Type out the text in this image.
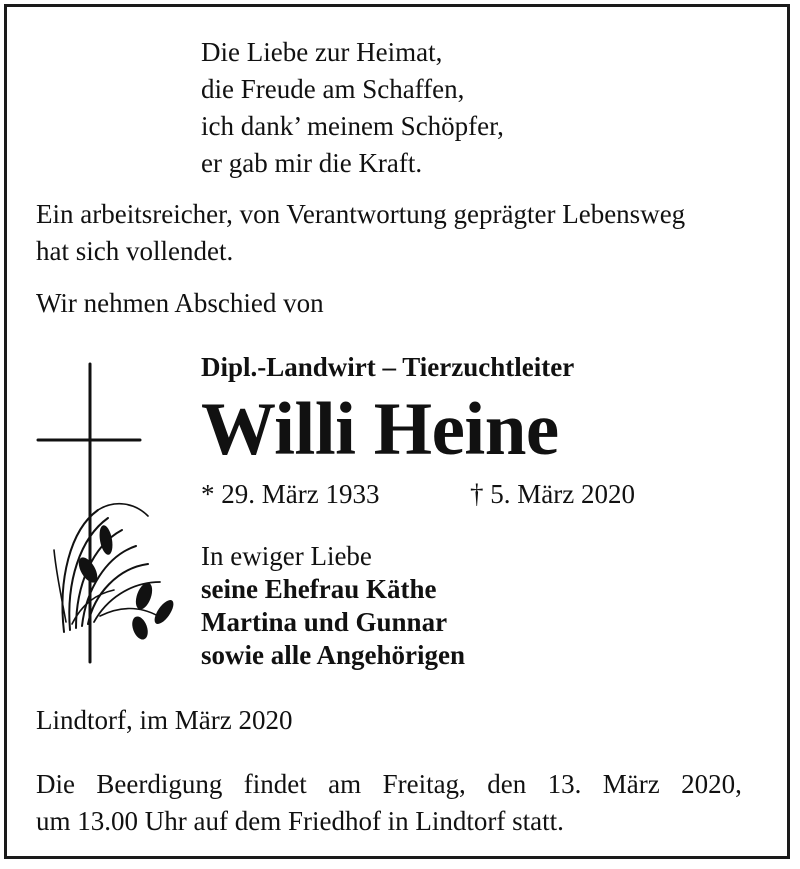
Die Liebe zur Heimat,
die Freude am Schaffen,
ich dank’ meinem Schöpfer,
er gab mir die Kraft.
Ein arbeitsreicher, von Verantwortung geprägter Lebensweg
hat sich vollendet.
Wir nehmen Abschied von
Dipl.-Landwirt – Tierzuchtleiter
Willi Heine
* 29. März 1933	† 5. März 2020
In ewiger Liebe
seine Ehefrau Käthe
Martina und Gunnar
sowie alle Angehörigen
Lindtorf, im März 2020
Die Beerdigung findet am Freitag, den 13. März 2020,
um 13.00 Uhr auf dem Friedhof in Lindtorf statt.
